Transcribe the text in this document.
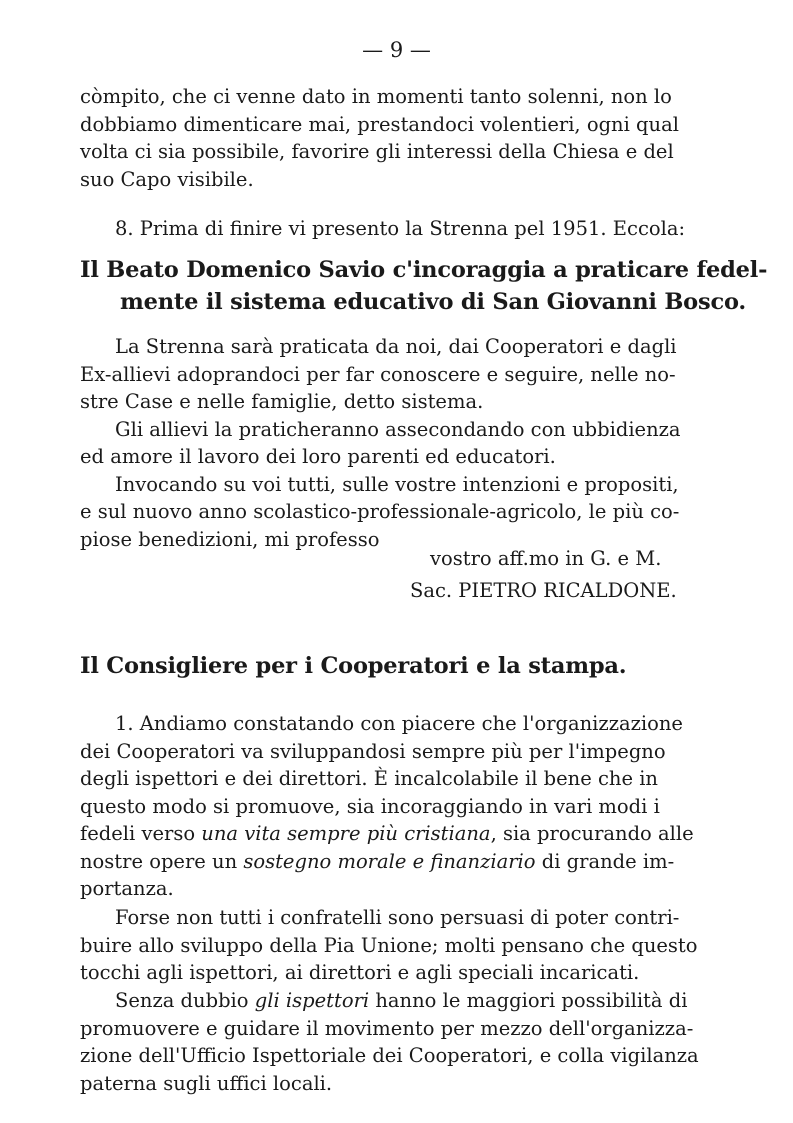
— 9 —

còmpito, che ci venne dato in momenti tanto solenni, non lo
dobbiamo dimenticare mai, prestandoci volentieri, ogni qual
volta ci sia possibile, favorire gli interessi della Chiesa e del
suo Capo visibile.

8. Prima di finire vi presento la Strenna pel 1951. Eccola:

Il Beato Domenico Savio c'incoraggia a praticare fedel-
mente il sistema educativo di San Giovanni Bosco.

La Strenna sarà praticata da noi, dai Cooperatori e dagli
Ex-allievi adoprandoci per far conoscere e seguire, nelle no-
stre Case e nelle famiglie, detto sistema.
Gli allievi la praticheranno assecondando con ubbidienza
ed amore il lavoro dei loro parenti ed educatori.
Invocando su voi tutti, sulle vostre intenzioni e propositi,
e sul nuovo anno scolastico-professionale-agricolo, le più co-
piose benedizioni, mi professo

vostro aff.mo in G. e M.
Sac. PIETRO RICALDONE.
Il Consigliere per i Cooperatori e la stampa.

1. Andiamo constatando con piacere che l'organizzazione
dei Cooperatori va sviluppandosi sempre più per l'impegno
degli ispettori e dei direttori. È incalcolabile il bene che in
questo modo si promuove, sia incoraggiando in vari modi i
fedeli verso una vita sempre più cristiana, sia procurando alle
nostre opere un sostegno morale e finanziario di grande im-
portanza.

Forse non tutti i confratelli sono persuasi di poter contri-
buire allo sviluppo della Pia Unione; molti pensano che questo
tocchi agli ispettori, ai direttori e agli speciali incaricati.

Senza dubbio gli ispettori hanno le maggiori possibilità di
promuovere e guidare il movimento per mezzo dell'organizza-
zione dell'Ufficio Ispettoriale dei Cooperatori, e colla vigilanza
paterna sugli uffici locali.
